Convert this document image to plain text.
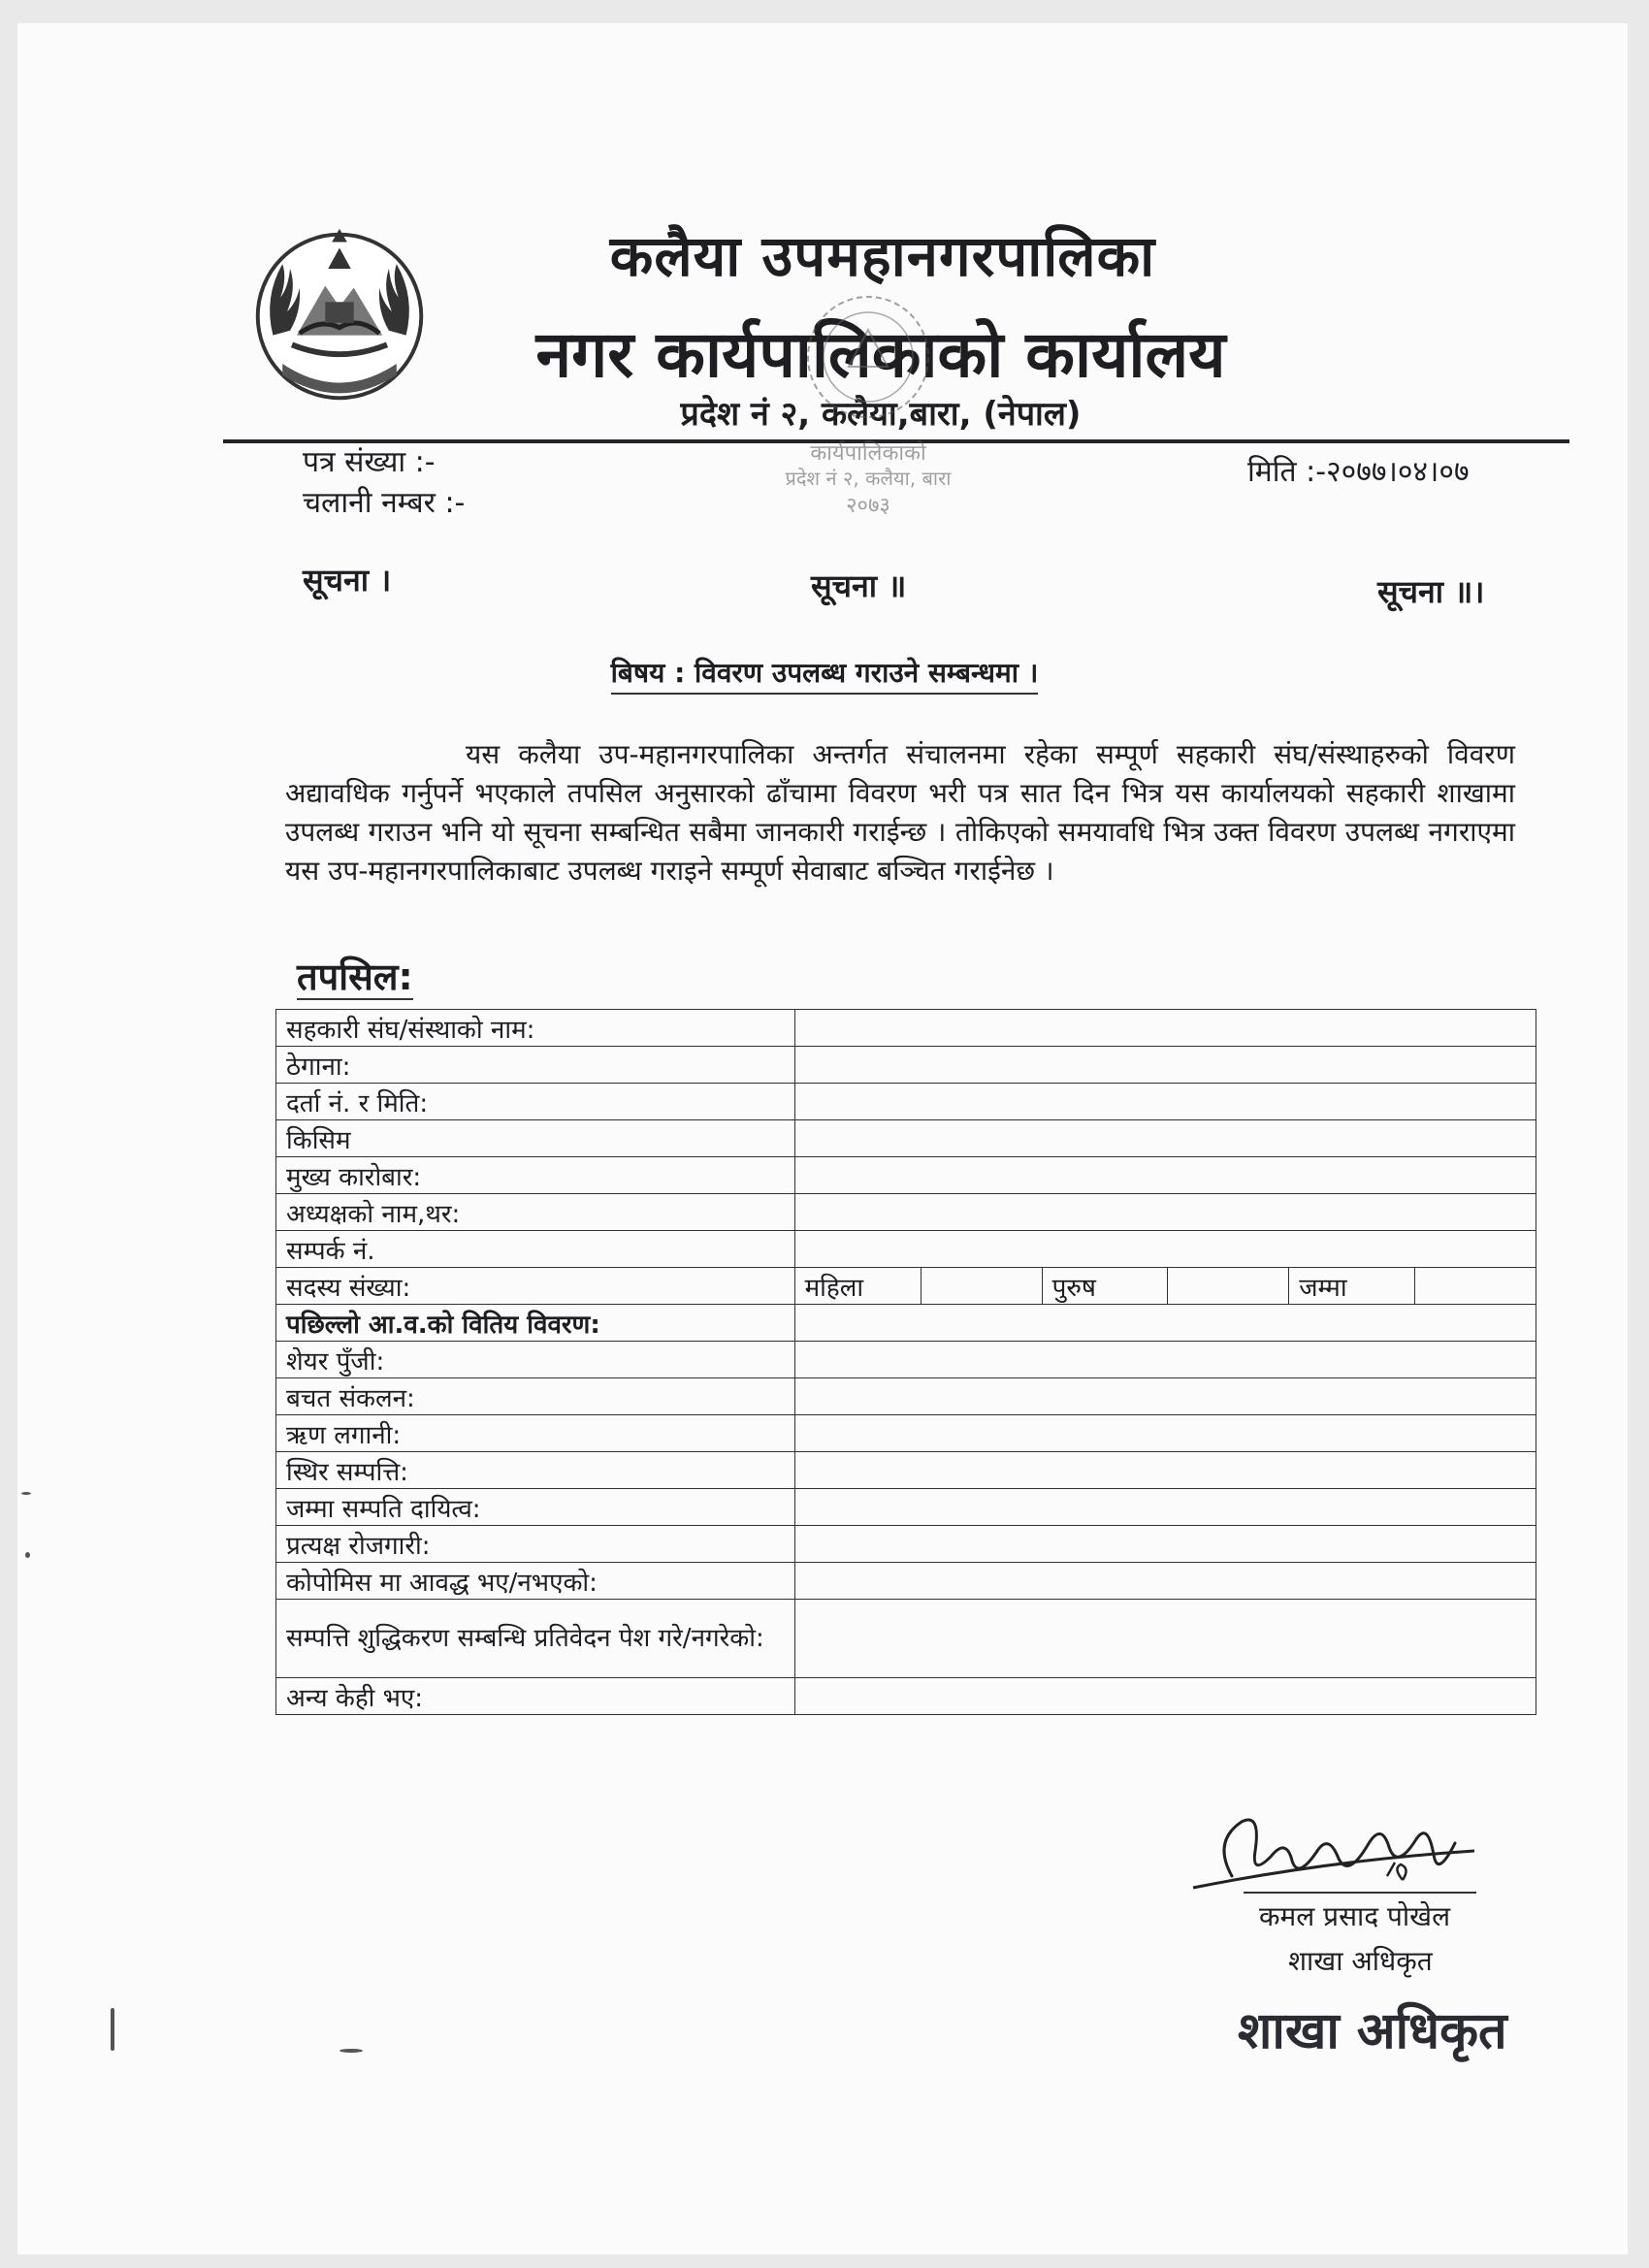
कलैया उपमहानगरपालिका
नगर कार्यपालिकाको कार्यालय
प्रदेश नं २, कलैया,बारा, (नेपाल)
कार्यपालिकाको
प्रदेश नं २, कलैया, बारा
२०७३
पत्र संख्या :-
चलानी नम्बर :-
मिति :-२०७७।०४।०७
सूचना ।	सूचना ॥	सूचना ॥।
बिषय : विवरण उपलब्ध गराउने सम्बन्धमा ।
यस कलैया उप-महानगरपालिका अन्तर्गत संचालनमा रहेका सम्पूर्ण सहकारी संघ/संस्थाहरुको विवरण अद्यावधिक गर्नुपर्ने भएकाले तपसिल अनुसारको ढाँचामा विवरण भरी पत्र सात दिन भित्र यस कार्यालयको सहकारी शाखामा उपलब्ध गराउन भनि यो सूचना सम्बन्धित सबैमा जानकारी गराईन्छ । तोकिएको समयावधि भित्र उक्त विवरण उपलब्ध नगराएमा यस उप-महानगरपालिकाबाट उपलब्ध गराइने सम्पूर्ण सेवाबाट बञ्चित गराईनेछ ।
तपसिल:
सहकारी संघ/संस्थाको नाम:						
ठेगाना:						
दर्ता नं. र मिति:						
किसिम						
मुख्य कारोबार:						
अध्यक्षको नाम,थर:						
सम्पर्क नं.						
सदस्य संख्या:	महिला		पुरुष		जम्मा	
पछिल्लो आ.व.को वितिय विवरण:						
शेयर पुँजी:						
बचत संकलन:						
ऋण लगानी:						
स्थिर सम्पत्ति:						
जम्मा सम्पति दायित्व:						
प्रत्यक्ष रोजगारी:						
कोपोमिस मा आवद्ध भए/नभएको:						
सम्पत्ति शुद्धिकरण सम्बन्धि प्रतिवेदन पेश गरे/नगरेको:						
अन्य केही भए:						
कमल प्रसाद पोखेल
शाखा अधिकृत
शाखा अधिकृत
